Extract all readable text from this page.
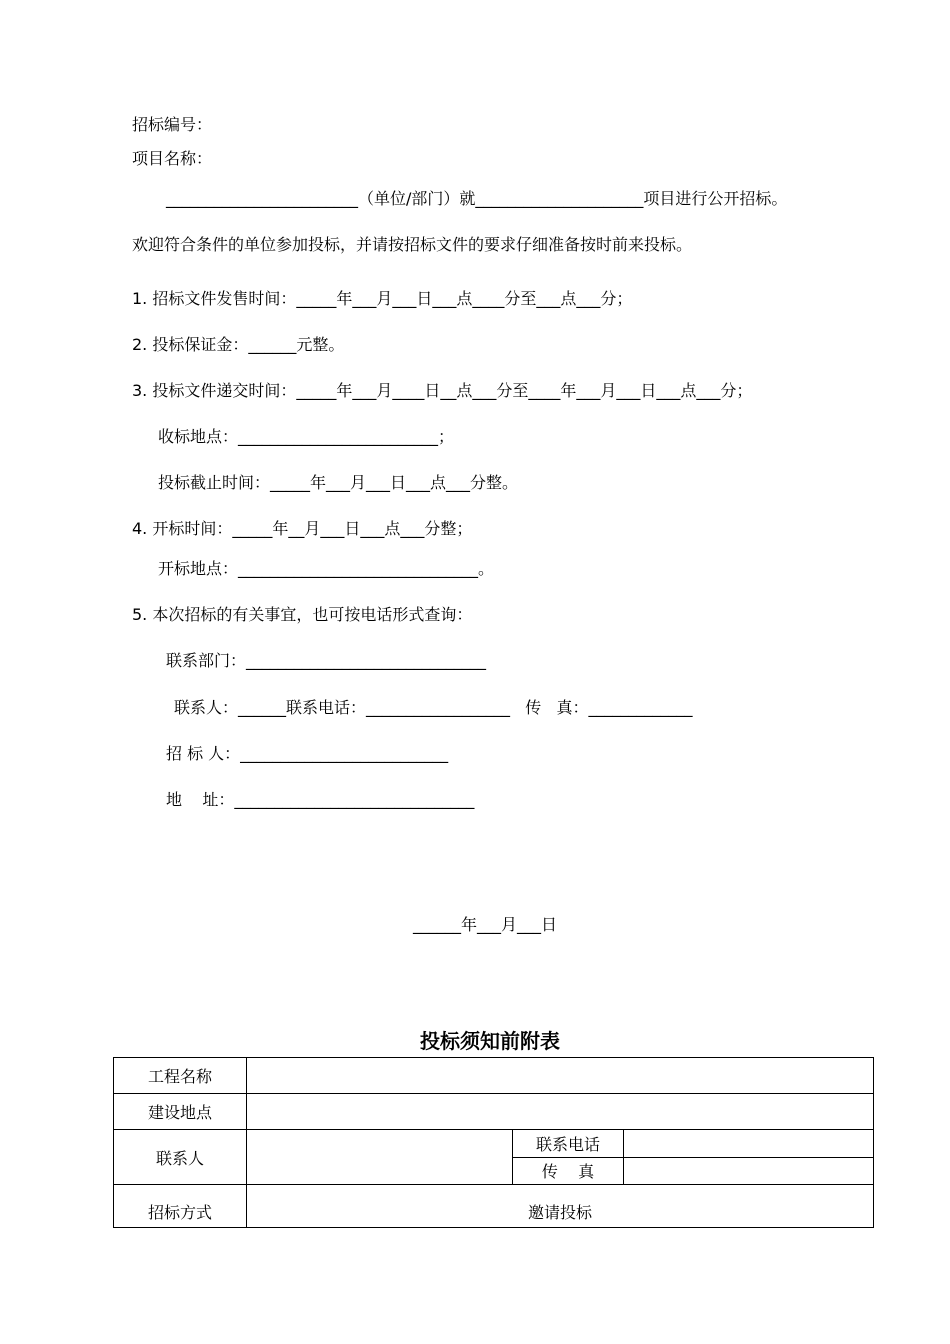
招标编号：
项目名称：
________________________（单位/部门）就_____________________项目进行公开招标。
欢迎符合条件的单位参加投标，并请按招标文件的要求仔细准备按时前来投标。
1. 招标文件发售时间：_____年___月___日___点____分至___点___分；
2. 投标保证金：______元整。
3. 投标文件递交时间：_____年___月____日__点___分至____年___月___日___点___分；
收标地点：_________________________；
投标截止时间：_____年___月___日___点___分整。
4. 开标时间：_____年__月___日___点___分整；
开标地点：______________________________。
5. 本次招标的有关事宜，也可按电话形式查询：
联系部门：______________________________
联系人：______联系电话：__________________   传   真：_____________
招 标 人：__________________________
地    址：______________________________
______年___月___日
投标须知前附表
工程名称			
建设地点			
联系人		联系电话	
		传    真	
招标方式	邀请投标		
